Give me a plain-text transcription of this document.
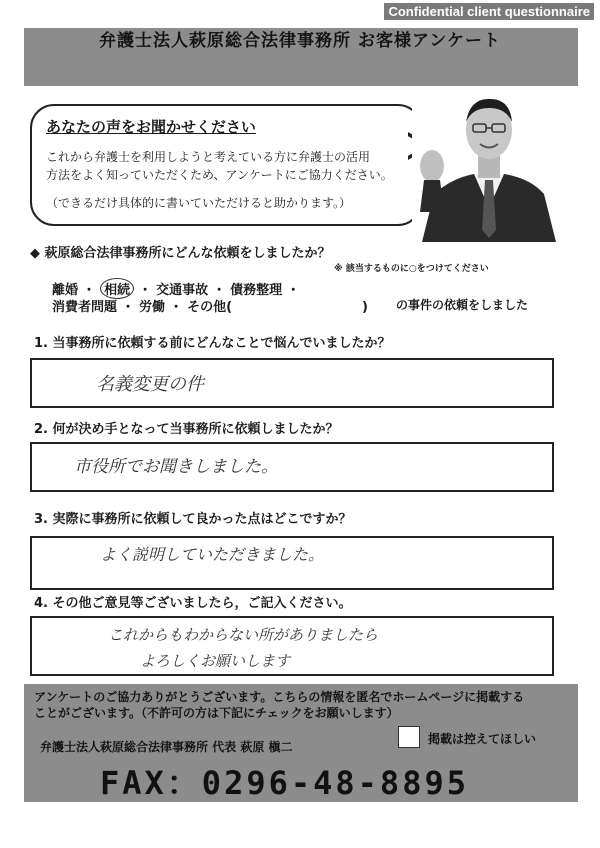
Confidential client questionnaire
弁護士法人萩原総合法律事務所 お客様アンケート
あなたの声をお聞かせください
これから弁護士を利用しようと考えている方に弁護士の活用
方法をよく知っていただくため、アンケートにご協力ください。
（できるだけ具体的に書いていただけると助かります。）
◆ 萩原総合法律事務所にどんな依頼をしましたか？
※ 該当するものに○をつけてください
離婚 ・ 相続 ・ 交通事故 ・ 債務整理 ・
消費者問題 ・ 労働 ・ その他(　　　　　　　　　　) の事件の依頼をしました
1. 当事務所に依頼する前にどんなことで悩んでいましたか？
名義変更の件
2. 何が決め手となって当事務所に依頼しましたか？
市役所でお聞きしました。
3. 実際に事務所に依頼して良かった点はどこですか？
よく説明していただきました。
4. その他ご意見等ございましたら，ご記入ください。
これからもわからない所がありましたら
よろしくお願いします
アンケートのご協力ありがとうございます。こちらの情報を匿名でホームページに掲載する
ことがございます。（不許可の方は下記にチェックをお願いします）
弁護士法人萩原総合法律事務所 代表 萩原 槇二
掲載は控えてほしい
FAX：0296-48-8895
